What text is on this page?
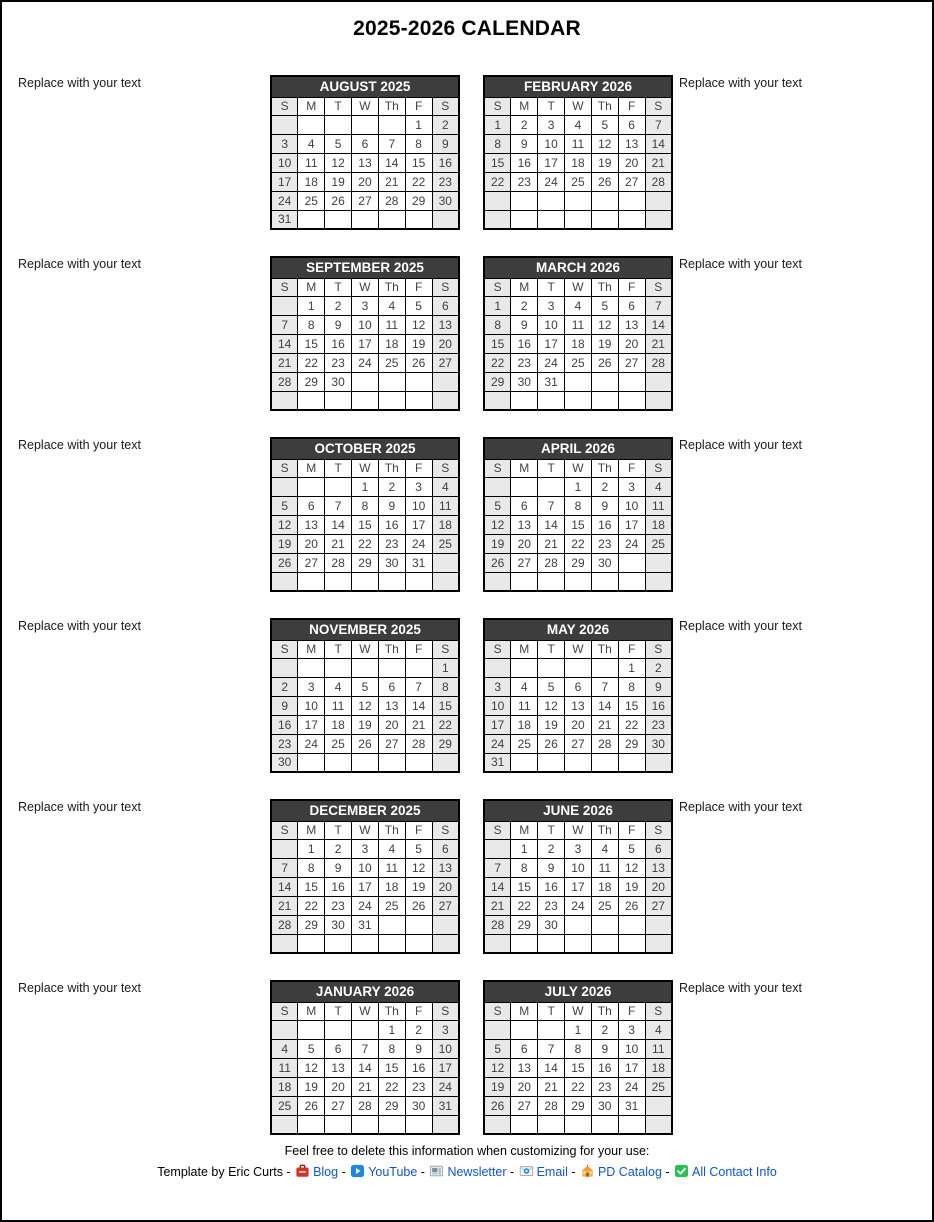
2025-2026 CALENDAR
Replace with your text	AUGUST 2025						
S	M	T	W	Th	F	S
					1	2
3	4	5	6	7	8	9
10	11	12	13	14	15	16
17	18	19	20	21	22	23
24	25	26	27	28	29	30
31						
FEBRUARY 2026						
S	M	T	W	Th	F	S
1	2	3	4	5	6	7
8	9	10	11	12	13	14
15	16	17	18	19	20	21
22	23	24	25	26	27	28

Replace with your text
Replace with your text	SEPTEMBER 2025						
S	M	T	W	Th	F	S
	1	2	3	4	5	6
7	8	9	10	11	12	13
14	15	16	17	18	19	20
21	22	23	24	25	26	27
28	29	30				

MARCH 2026						
S	M	T	W	Th	F	S
1	2	3	4	5	6	7
8	9	10	11	12	13	14
15	16	17	18	19	20	21
22	23	24	25	26	27	28
29	30	31				

Replace with your text
Replace with your text	OCTOBER 2025						
S	M	T	W	Th	F	S
			1	2	3	4
5	6	7	8	9	10	11
12	13	14	15	16	17	18
19	20	21	22	23	24	25
26	27	28	29	30	31	

APRIL 2026						
S	M	T	W	Th	F	S
			1	2	3	4
5	6	7	8	9	10	11
12	13	14	15	16	17	18
19	20	21	22	23	24	25
26	27	28	29	30		

Replace with your text
Replace with your text	NOVEMBER 2025						
S	M	T	W	Th	F	S
						1
2	3	4	5	6	7	8
9	10	11	12	13	14	15
16	17	18	19	20	21	22
23	24	25	26	27	28	29
30						
MAY 2026						
S	M	T	W	Th	F	S
					1	2
3	4	5	6	7	8	9
10	11	12	13	14	15	16
17	18	19	20	21	22	23
24	25	26	27	28	29	30
31						
Replace with your text
Replace with your text	DECEMBER 2025						
S	M	T	W	Th	F	S
	1	2	3	4	5	6
7	8	9	10	11	12	13
14	15	16	17	18	19	20
21	22	23	24	25	26	27
28	29	30	31			

JUNE 2026						
S	M	T	W	Th	F	S
	1	2	3	4	5	6
7	8	9	10	11	12	13
14	15	16	17	18	19	20
21	22	23	24	25	26	27
28	29	30				

Replace with your text
Replace with your text	JANUARY 2026						
S	M	T	W	Th	F	S
				1	2	3
4	5	6	7	8	9	10
11	12	13	14	15	16	17
18	19	20	21	22	23	24
25	26	27	28	29	30	31

JULY 2026						
S	M	T	W	Th	F	S
			1	2	3	4
5	6	7	8	9	10	11
12	13	14	15	16	17	18
19	20	21	22	23	24	25
26	27	28	29	30	31	

Replace with your text
Feel free to delete this information when customizing for your use:
Template by Eric Curts -
Blog -
YouTube -
Newsletter -
Email -
PD Catalog -
All Contact Info
